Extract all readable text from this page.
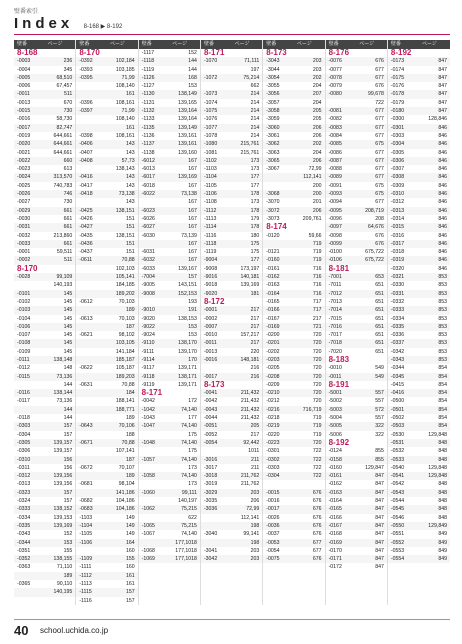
壁番索引
Index 8-168 ▶ 8-192
壁番	ページ
8-168
-0003	236
-0004	345
-0005	68,510
-0006	67,457
-0011	511
-0013	670
-0015	730
-0016	58,730
-0017	82,747
-0019	644,661
-0020	644,661
-0021	644,661
-0022	660
-0023	613
-0024	313,570
-0025	740,783
-0026	746
-0027	730
-0029	661
-0030	661
-0031	661
-0032	213,860
-0033	661
-0001	59,511
-0002	511
8-170
-0028	99,109
140,193
-0101	145
-0102	145
-0103	145
-0104	145
-0106	145
-0107	145
-0108	145
-0109	145
-0111	138,148
-0112	148
-0115	73,136
144
-0116	138,144
-0117	73,136
144
-0118	144
-0303	157
-0304	157
-0305	139,157
-0306	139,157
-0310	156
-0311	156
-0312	139,156
-0313	139,156
-0323	157
-0324	157
-0333	138,152
-0334	139,153
-0335	139,169
-0343	152
-0344	153
-0351	155
-0352	138,155
-0363	71,110
189
-0365	90,110
140,195
壁番	ページ
8-170
-0392	102,184
-0393	103,185
-0395	71,99
108,140
161
-0396	108,161
-0397	71,99
108,140
161
-0398	108,161
-0406	143
-0407	143
-0408	57,73
138,143
-0416	143
-0417	143
-0418	73,138
143
-0425	138,151
-0426	151
-0427	151
-0435	138,151
-0436	151
-0437	151
-0611	70,88
102,103
105,141
184,185
189,202
-0612	70,103
189
-0613	70,103
187
-0621	98,102
103,105
141,184
185,187
-0622	105,187
189,203
-0631	70,88
184
188,141
188,771
189
-0643	70,106
188
-0671	70,88
107,141
187
-0672	70,107
189
-0681	98,104
141,186
-0682	104,186
-0683	104,186
-1103	149
-1104	149
-1105	149
-1106	164
160
-1109	155
-1111	160
-1112	161
-1113	161
-1115	157
-1116	157
壁番	ページ
-1117	152
-1118	144
-1119	144
-1126	168
-1127	153
-1130	138,149
-1131	139,165
-1132	139,164
-1133	139,164
-1135	139,149
-1136	139,161
-1137	139,161
-1138	139,160
-6012	167
-6013	167
-6017	139,169
-6018	167
-6022	73,138
167
-6023	167
-6026	167
-6027	167
-6030	73,139
167
-6031	167
-6032	167
-6033	139,167
-7004	157
-9005	143,151
-9008	152,153
193
-9010	191
-9020	138,153
-9022	153
-9024	153
-9110	138,170
-9111	139,170
-9114	170
-9117	139,171
-9118	138,171
-9119	139,171
8-171
-0042	172
-1042	74,140
-1043	177
-1047	74,140
175
-1048	74,140
175
-1057	74,140
173
-1058	74,140
173
-1060	99,111
140,197
-1062	75,215
622
-1065	75,215
-1067	74,140
177,1018
-1068	177,1018
-1069	177,1018
壁番	ページ
8-171
-1070	71,111
197
-1072	75,214
662
-1073	214
-1074	214
-1075	214
-1076	214
-1077	214
-1078	214
-1080	215,761
-1081	215,761
-1102	173
-1103	173
-1104	177
-1105	177
-1106	178
-1108	173
-1112	178
-1113	179
-1114	178
-1116	180
-1118	175
-1119	175
-9004	177
-9008	173,197
-9016	140,181
-9018	139,169
-9020	181
8-172
-0001	217
-0002	217
-0007	217
-0010	157,217
-0011	217
-0013	220
-0016	148,181
216
-0017	216
8-173
-0041	211,432
-0042	211,432
-0043	211,432
-0044	211,432
-0051	205
-0052	217
-0054	92,442
1011
-3016	211
-3017	211
-3018	211,762
-3019	211,762
-3029	203
-3035	206
-3036	72,99
112,141
198
-3040	99,141
198
-3041	203
-3042	203
壁番	ページ
8-173
-3043	203
-3044	203
-3054	202
-3055	204
-3056	207
-3057	204
-3058	205
-3059	205
-3060	206
-3061	206
-3062	202
-3063	204
-3065	206
-3067	72,99
112,141
200
-3068	200
-3070	201
-3072	206
-3073	209,761
8-174
-0120	59,66
719
-0121	719
-0160	719
-0161	716
-0162	716
-0163	716
-0164	716
-0165	717
-0166	717
-0167	217
-0169	721
-0200	720
-0201	720
-0202	720
-0203	720
-0205	720
-0208	720
-0209	720
-0210	720
-0212	720
-0216	716,719
-0218	719
-0219	719
-0220	719
-0223	720
-0301	722
-0302	722
-0303	722
-0304	722
-0015	676
-0016	676
-0017	676
-0026	676
-0036	676
-0037	676
-0053	677
-0054	677
-0075	676
壁番	ページ
8-176
-0076	676
-0077	677
-0078	677
-0079	676
-0080	99,678
722
-0081	677
-0082	677
-0083	677
-0084	677
-0085	675
-0086	677
-0087	677
-0088	677
-0089	677
-0091	675
-0093	675
-0094	677
-0095	208,719
-0096	208
-0097	64,676
-0098	676
-0099	676
-0100	675,722
-0106	675,722
8-181
-7001	653
-7011	651
-7012	651
-7013	651
-7014	651
-7015	651
-7016	651
-7017	651
-7018	651
-7020	651
8-183
-0010	549
-0011	549
8-191
-5001	557
-5002	557
-5003	572
-5004	557
-5005	322
-5006	322
8-192
-0124	855
-0158	855
-0160	129,847
-0161	847
-0162	847
-0163	847
-0164	847
-0165	847
-0166	847
-0167	847
-0168	847
-0169	847
-0170	847
-0171	847
-0172	847
壁番	ページ
8-192
-0173	847
-0174	847
-0175	847
-0176	847
-0178	847
-0179	847
-0180	847
-0300	128,846
-0301	846
-0303	846
-0304	846
-0305	846
-0306	846
-0307	846
-0308	846
-0309	846
-0310	846
-0312	846
-0313	846
-0314	846
-0315	846
-0316	846
-0317	846
-0318	846
-0319	846
-0320	846
-0321	853
-0330	853
-0331	853
-0332	853
-0333	853
-0334	853
-0335	853
-0336	853
-0337	853
-0342	853
-0343	853
-0344	854
-0345	854
-0415	854
-0416	854
-0500	854
-0501	854
-0502	854
-0503	854
-0530	129,848
-0531	848
-0532	848
-0533	848
-0540	129,848
-0541	129,848
-0542	848
-0543	848
-0544	848
-0545	848
-0546	848
-0550	129,849
-0551	849
-0552	849
-0553	849
-0554	849
40 school.uchida.co.jp
